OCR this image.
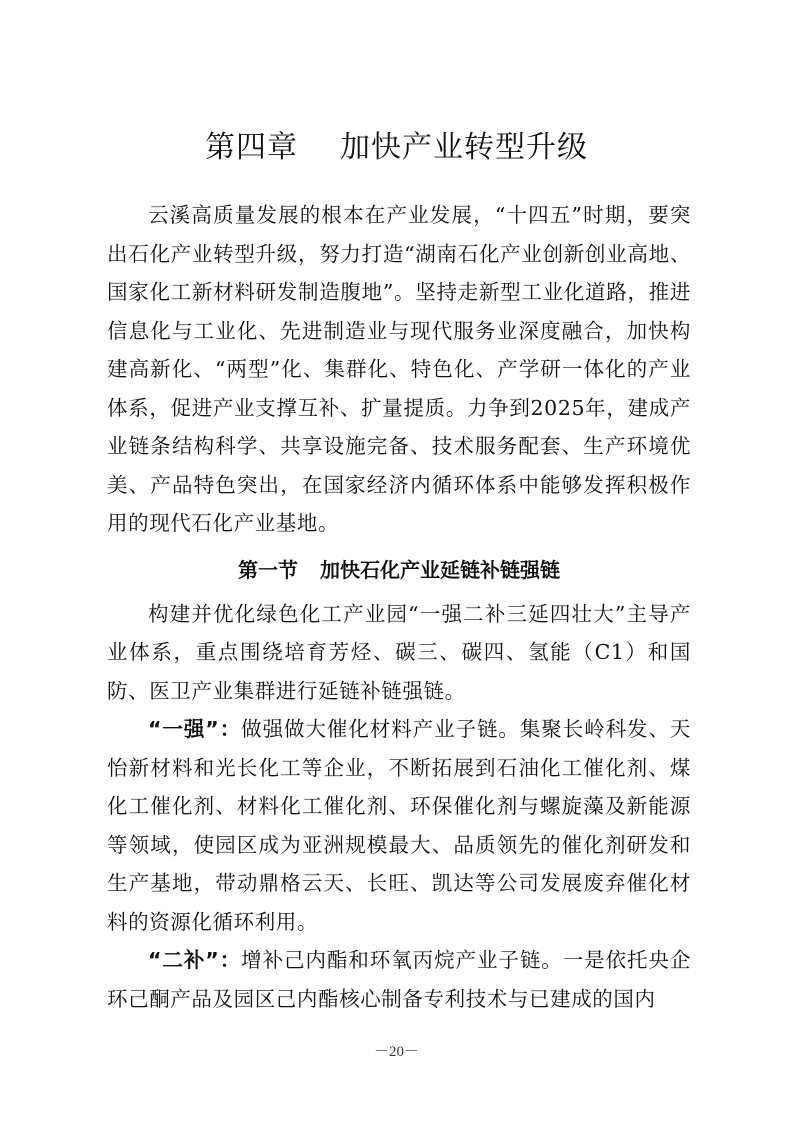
第四章 加快产业转型升级

云溪高质量发展的根本在产业发展，“十四五”时期，要突出石化产业转型升级，努力打造“湖南石化产业创新创业高地、国家化工新材料研发制造腹地”。坚持走新型工业化道路，推进信息化与工业化、先进制造业与现代服务业深度融合，加快构建高新化、“两型”化、集群化、特色化、产学研一体化的产业体系，促进产业支撑互补、扩量提质。力争到2025年，建成产业链条结构科学、共享设施完备、技术服务配套、生产环境优美、产品特色突出，在国家经济内循环体系中能够发挥积极作用的现代石化产业基地。

第一节 加快石化产业延链补链强链

构建并优化绿色化工产业园“一强二补三延四壮大”主导产业体系，重点围绕培育芳烃、碳三、碳四、氢能（C1）和国防、医卫产业集群进行延链补链强链。

“一强”：做强做大催化材料产业子链。集聚长岭科发、天怡新材料和光长化工等企业，不断拓展到石油化工催化剂、煤化工催化剂、材料化工催化剂、环保催化剂与螺旋藻及新能源等领域，使园区成为亚洲规模最大、品质领先的催化剂研发和生产基地，带动鼎格云天、长旺、凯达等公司发展废弃催化材料的资源化循环利用。

“二补”：增补己内酯和环氧丙烷产业子链。一是依托央企环己酮产品及园区己内酯核心制备专利技术与已建成的国内

－20－
